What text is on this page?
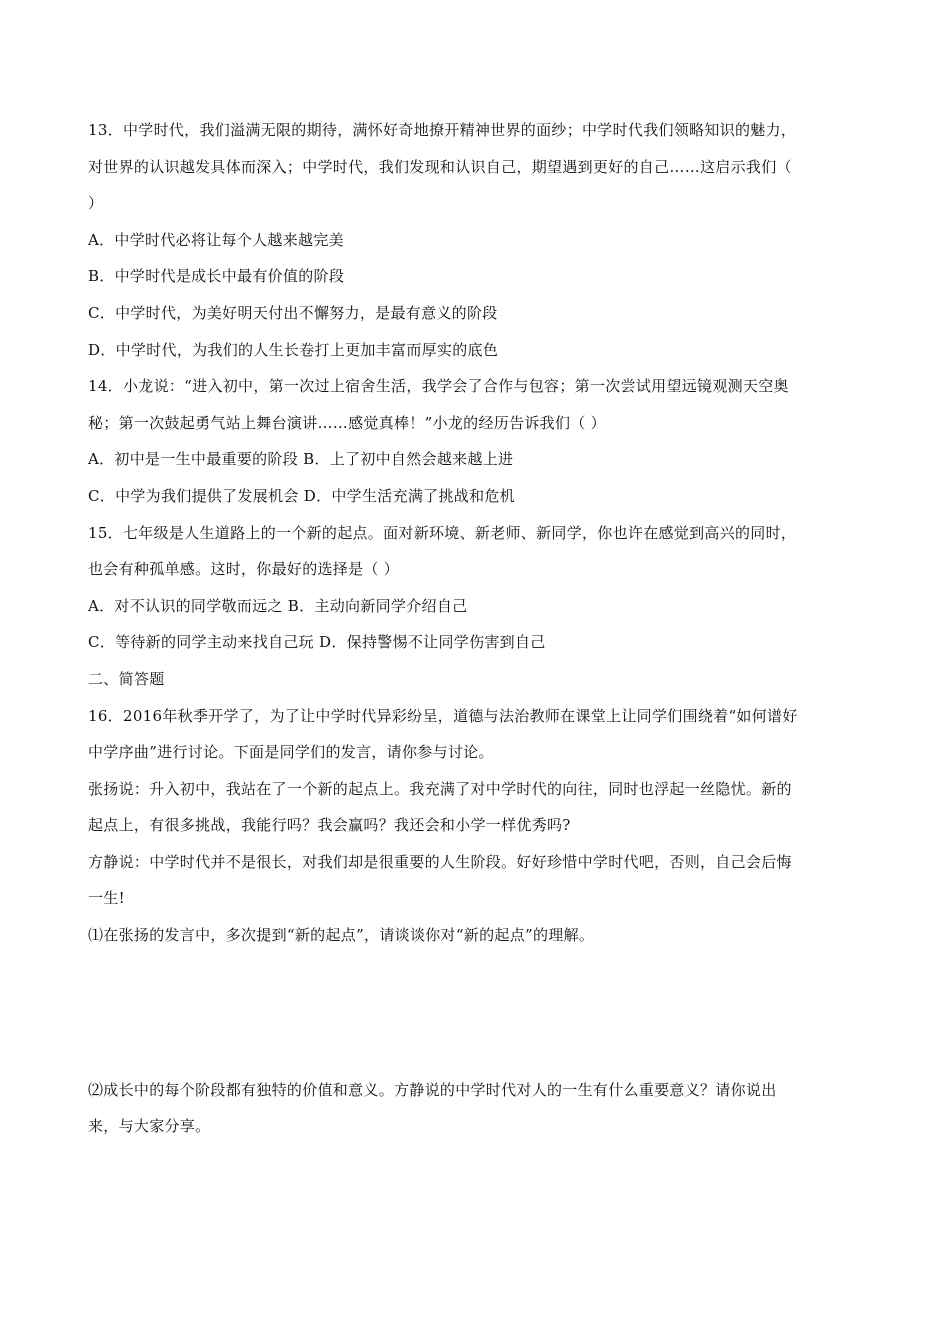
13．中学时代，我们溢满无限的期待，满怀好奇地撩开精神世界的面纱；中学时代我们领略知识的魅力，
对世界的认识越发具体而深入；中学时代，我们发现和认识自己，期望遇到更好的自己……这启示我们（
）
A．中学时代必将让每个人越来越完美
B．中学时代是成长中最有价值的阶段
C．中学时代，为美好明天付出不懈努力，是最有意义的阶段
D．中学时代，为我们的人生长卷打上更加丰富而厚实的底色
14．小龙说：“进入初中，第一次过上宿舍生活，我学会了合作与包容；第一次尝试用望远镜观测天空奥
秘；第一次鼓起勇气站上舞台演讲……感觉真棒！”小龙的经历告诉我们（ ）
A．初中是一生中最重要的阶段 B．上了初中自然会越来越上进
C．中学为我们提供了发展机会 D．中学生活充满了挑战和危机
15．七年级是人生道路上的一个新的起点。面对新环境、新老师、新同学，你也许在感觉到高兴的同时，
也会有种孤单感。这时，你最好的选择是（ ）
A．对不认识的同学敬而远之 B．主动向新同学介绍自己
C．等待新的同学主动来找自己玩 D．保持警惕不让同学伤害到自己
二、简答题
16．2016年秋季开学了，为了让中学时代异彩纷呈，道德与法治教师在课堂上让同学们围绕着“如何谱好
中学序曲”进行讨论。下面是同学们的发言，请你参与讨论。
张扬说：升入初中，我站在了一个新的起点上。我充满了对中学时代的向往，同时也浮起一丝隐忧。新的
起点上，有很多挑战，我能行吗？我会赢吗？我还会和小学一样优秀吗?
方静说：中学时代并不是很长，对我们却是很重要的人生阶段。好好珍惜中学时代吧，否则，自己会后悔
一生!
⑴在张扬的发言中，多次提到“新的起点”，请谈谈你对“新的起点”的理解。
⑵成长中的每个阶段都有独特的价值和意义。方静说的中学时代对人的一生有什么重要意义？请你说出
来，与大家分享。
